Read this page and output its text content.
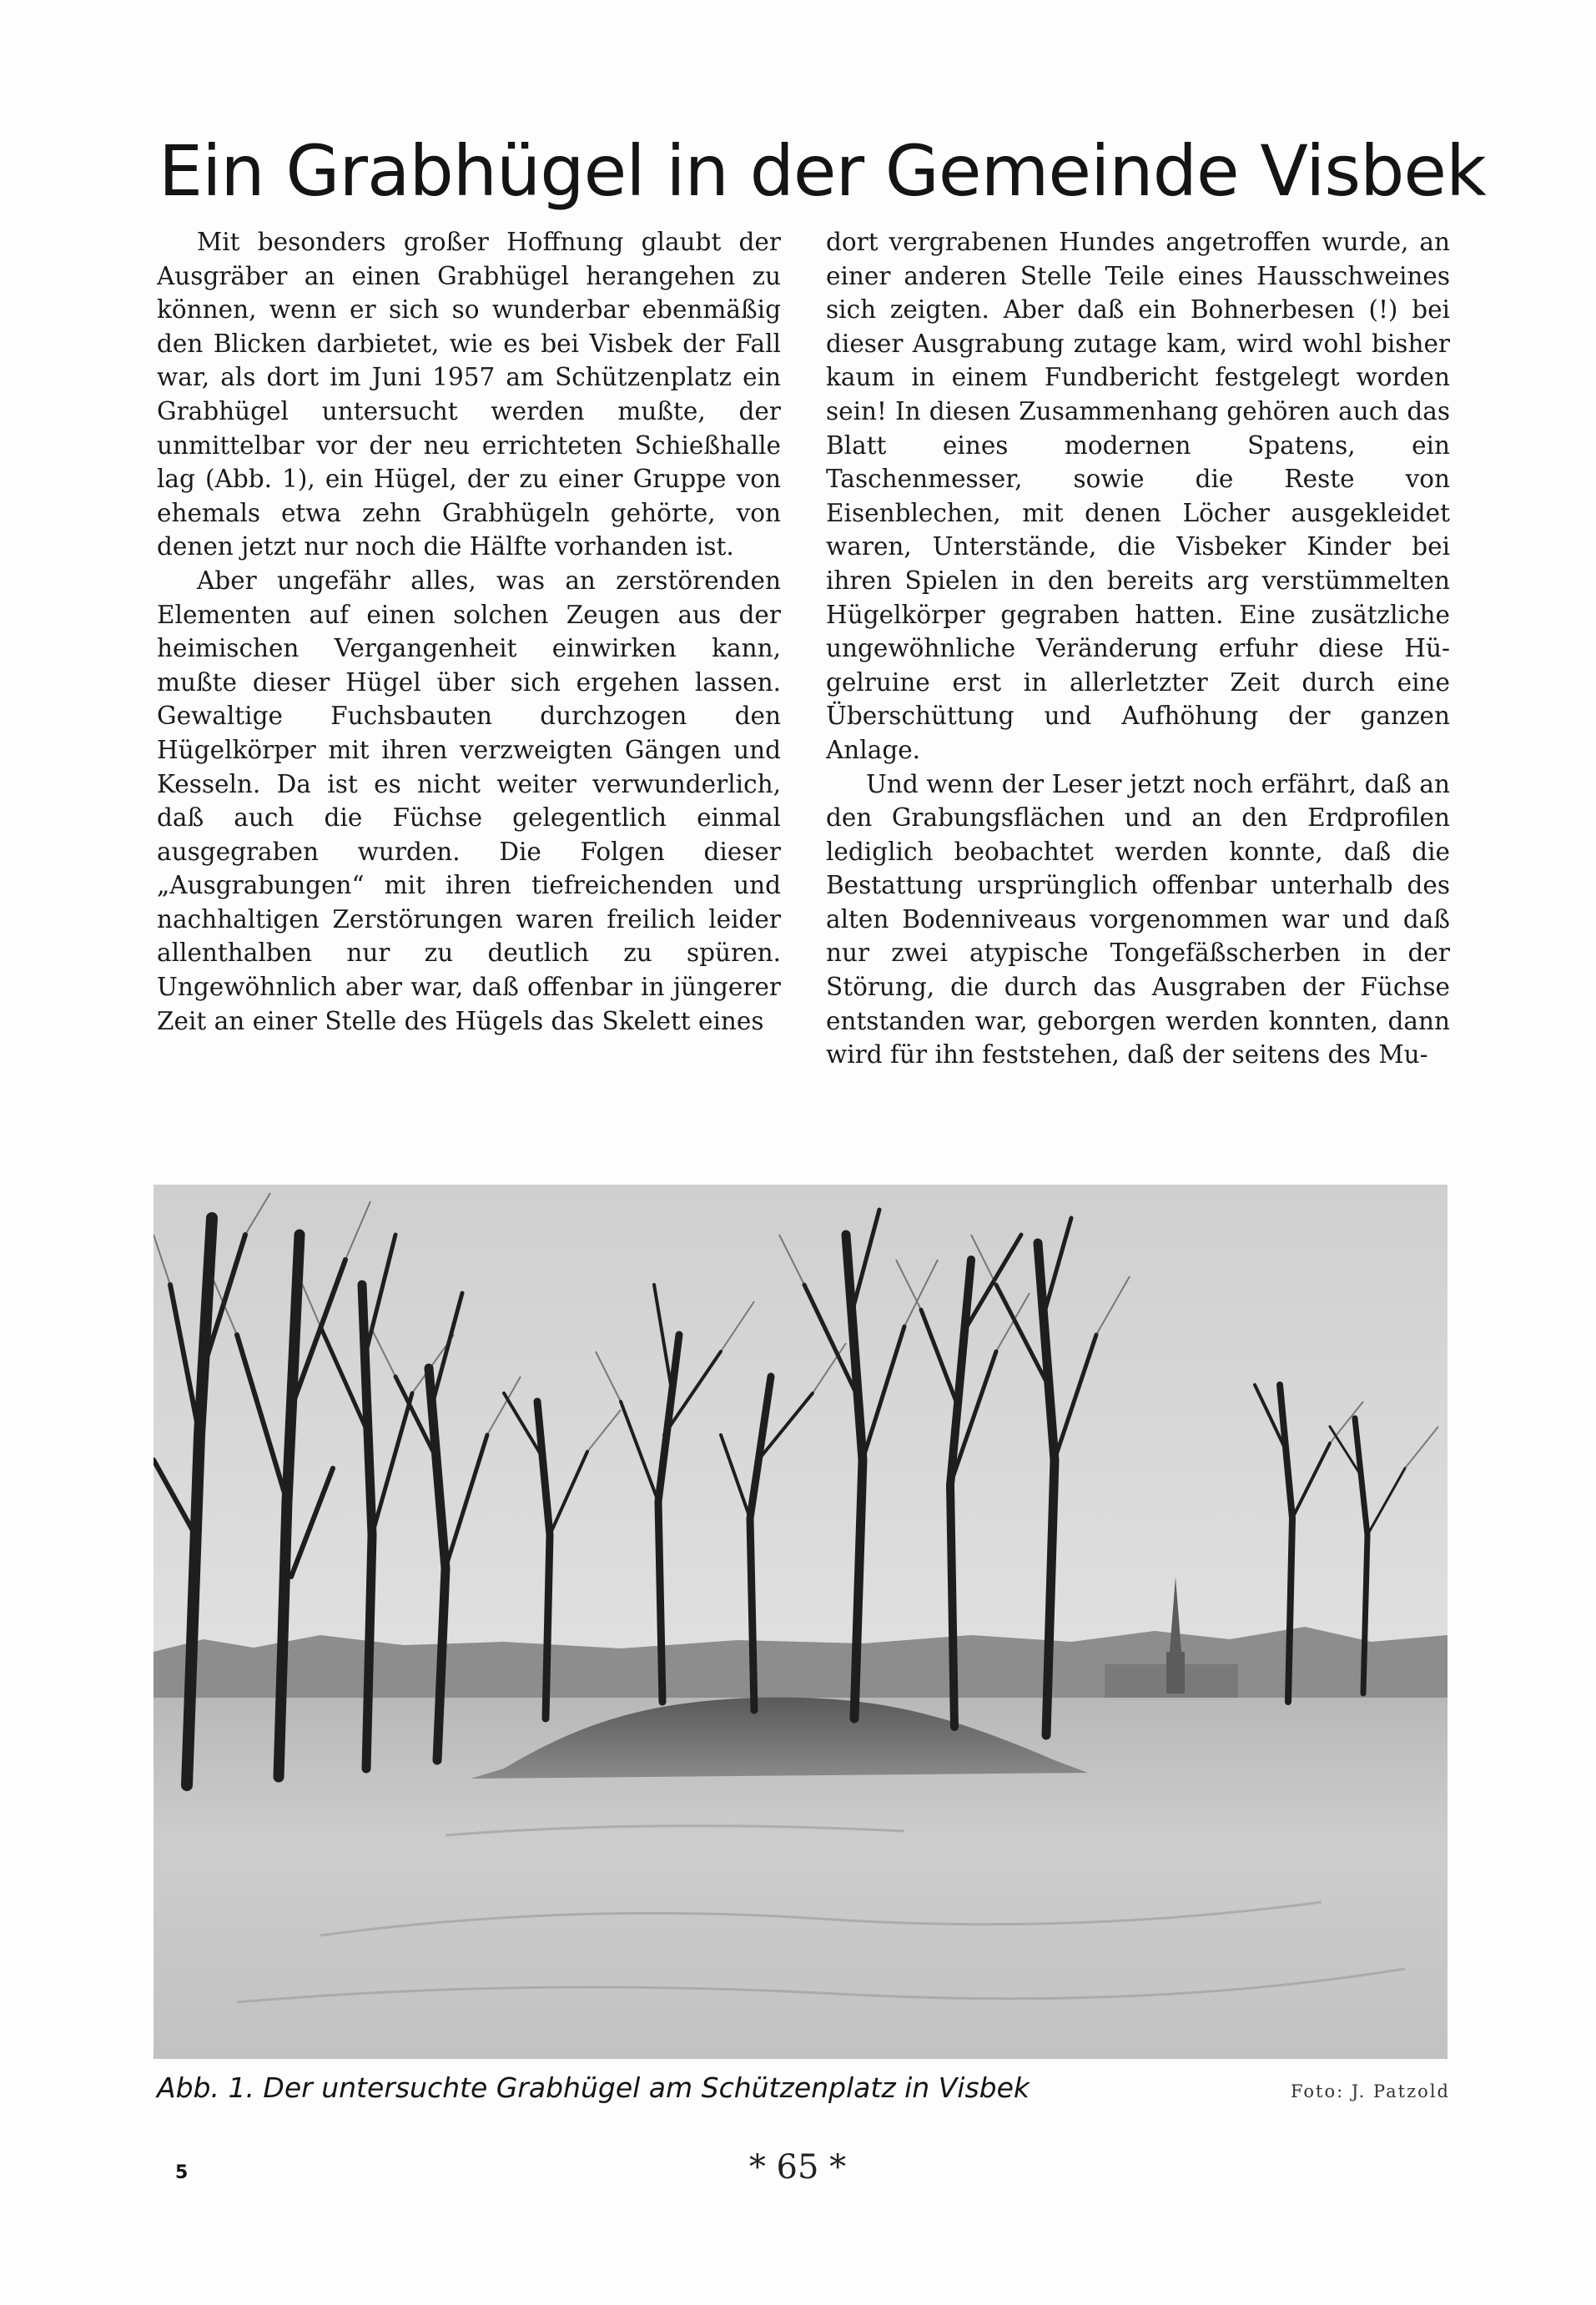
Ein Grabhügel in der Gemeinde Visbek

Mit besonders großer Hoffnung glaubt der Ausgräber an einen Grabhügel herangehen zu können, wenn er sich so wunderbar ebenmäßig den Blicken darbietet, wie es bei Visbek der Fall war, als dort im Juni 1957 am Schützenplatz ein Grabhügel untersucht werden mußte, der unmittelbar vor der neu errichteten Schießhalle lag (Abb. 1), ein Hügel, der zu einer Gruppe von ehemals etwa zehn Grabhügeln gehörte, von denen jetzt nur noch die Hälfte vorhanden ist.

Aber ungefähr alles, was an zerstörenden Elementen auf einen solchen Zeugen aus der heimischen Vergangenheit einwirken kann, mußte dieser Hügel über sich ergehen lassen. Gewaltige Fuchsbauten durchzogen den Hügelkörper mit ihren verzweigten Gängen und Kesseln. Da ist es nicht weiter verwunderlich, daß auch die Füchse gelegentlich einmal ausgegraben wurden. Die Folgen dieser „Ausgrabungen“ mit ihren tiefreichenden und nachhaltigen Zerstörungen waren freilich leider allenthalben nur zu deutlich zu spüren. Ungewöhnlich aber war, daß offenbar in jüngerer Zeit an einer Stelle des Hügels das Skelett eines

dort vergrabenen Hundes angetroffen wurde, an einer anderen Stelle Teile eines Hausschweines sich zeigten. Aber daß ein Bohnerbesen (!) bei dieser Ausgrabung zutage kam, wird wohl bisher kaum in einem Fundbericht festgelegt worden sein! In diesen Zusammenhang gehören auch das Blatt eines modernen Spatens, ein Taschenmesser, sowie die Reste von Eisenblechen, mit denen Löcher ausgekleidet waren, Unterstände, die Visbeker Kinder bei ihren Spielen in den bereits arg verstümmelten Hügelkörper gegraben hatten. Eine zusätzliche ungewöhnliche Veränderung erfuhr diese Hügelruine erst in allerletzter Zeit durch eine Überschüttung und Aufhöhung der ganzen Anlage.

Und wenn der Leser jetzt noch erfährt, daß an den Grabungsflächen und an den Erdprofilen lediglich beobachtet werden konnte, daß die Bestattung ursprünglich offenbar unterhalb des alten Bodenniveaus vorgenommen war und daß nur zwei atypische Tongefäßscherben in der Störung, die durch das Ausgraben der Füchse entstanden war, geborgen werden konnten, dann wird für ihn feststehen, daß der seitens des Mu-

Abb. 1. Der untersuchte Grabhügel am Schützenplatz in Visbek	Foto: J. Patzold
5	* 65 *
